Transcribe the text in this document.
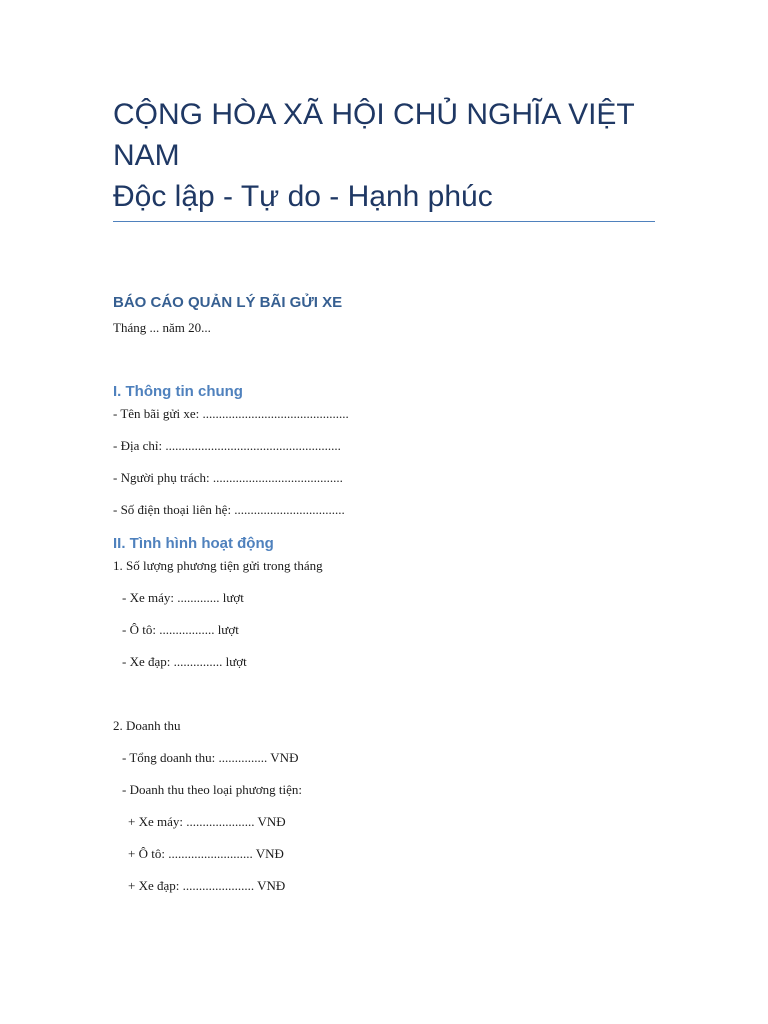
CỘNG HÒA XÃ HỘI CHỦ NGHĨA VIỆT
NAM
Độc lập - Tự do - Hạnh phúc
BÁO CÁO QUẢN LÝ BÃI GỬI XE
Tháng ... năm 20...
I. Thông tin chung
- Tên bãi gửi xe: .............................................
- Địa chỉ: ......................................................
- Người phụ trách: ........................................
- Số điện thoại liên hệ: ..................................
II. Tình hình hoạt động
1. Số lượng phương tiện gửi trong tháng
- Xe máy: ............. lượt
- Ô tô: ................. lượt
- Xe đạp: ............... lượt
2. Doanh thu
- Tổng doanh thu: ............... VNĐ
- Doanh thu theo loại phương tiện:
+ Xe máy: ..................... VNĐ
+ Ô tô: .......................... VNĐ
+ Xe đạp: ...................... VNĐ
